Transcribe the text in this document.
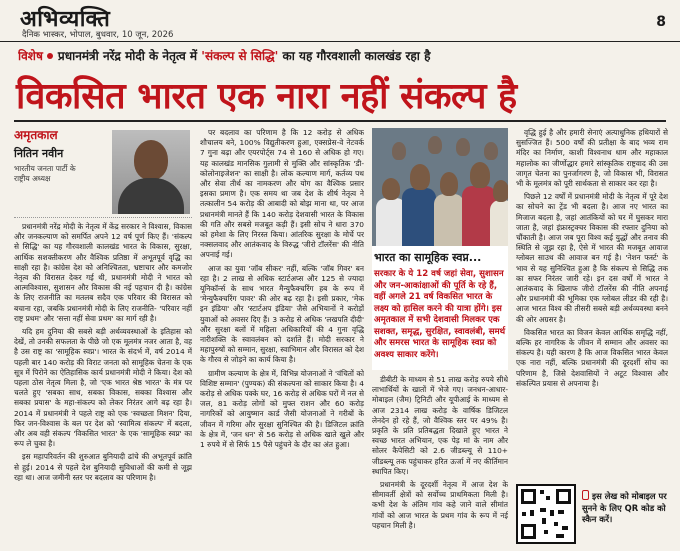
अभिव्यक्ति
दैनिक भास्कर, भोपाल, बुधवार, 10 जून, 2026
8
विशेष प्रधानमंत्री नरेंद्र मोदी के नेतृत्व में 'संकल्प से सिद्धि' का यह गौरवशाली कालखंड रहा है
विकसित भारत एक नारा नहीं संकल्प है
अमृतकाल
नितिन नवीन
भारतीय जनता पार्टी के राष्ट्रीय अध्यक्ष

प्रधानमंत्री नरेंद्र मोदी के नेतृत्व में केंद्र सरकार ने विश्वास, विकास और जनकल्याण को समर्पित अपने 12 वर्ष पूर्ण किए हैं। 'संकल्प से सिद्धि' का यह गौरवशाली कालखंड भारत के विकास, सुरक्षा, आर्थिक सशक्तीकरण और वैश्विक प्रतिष्ठा में अभूतपूर्व वृद्धि का साक्षी रहा है। कांग्रेस देश को अनिश्चितता, भ्रष्टाचार और कमजोर नेतृत्व की विरासत देकर गई थी, प्रधानमंत्री मोदी ने भारत को आत्मविश्वास, सुशासन और विकास की नई पहचान दी है। कांग्रेस के लिए राजनीति का मतलब सदैव एक परिवार की विरासत को बचाना रहा, जबकि प्रधानमंत्री मोदी के लिए राजनीति- 'परिवार नहीं राष्ट्र प्रथम' और 'सत्ता नहीं सेवा प्रथम' का मार्ग रही है।

यदि हम दुनिया की सबसे बड़ी अर्थव्यवस्थाओं के इतिहास को देखें, तो उनकी सफलता के पीछे जो एक मूलमंत्र नजर आता है, वह है उस राष्ट्र का 'सामूहिक स्वप्न'। भारत के संदर्भ में, वर्ष 2014 में पहली बार 140 करोड़ की विराट जनता को सामूहिक चेतना के एक सूत्र में पिरोने का ऐतिहासिक कार्य प्रधानमंत्री मोदी ने किया। देश को पहला ठोस नेतृत्व मिला है, जो 'एक भारत श्रेष्ठ भारत' के मंत्र पर चलते हुए 'सबका साथ, सबका विकास, सबका विश्वास और सबका प्रयास' के महा-संकल्प को लेकर निरंतर आगे बढ़ रहा है। 2014 में प्रधानमंत्री ने पहले राष्ट्र को एक 'स्वच्छता मिशन' दिया, फिर जन-विश्वास के बल पर देश को 'स्वामित्व संकल्प' में बदला, और अब वही संकल्प 'विकसित भारत' के एक 'सामूहिक स्वप्न' का रूप ले चुका है।

इस महापरिवर्तन की शुरुआत बुनियादी ढांचे की अभूतपूर्व क्रांति से हुई। 2014 से पहले देश बुनियादी सुविधाओं की कमी से जूझ रहा था। आज जमीनी स्तर पर बदलाव का परिणाम है।

पर बदलाव का परिणाम है कि 12 करोड़ से अधिक शौचालय बने, 100% विद्युतीकरण हुआ, एक्सप्रेस-वे नेटवर्क 7 गुना बढ़ा और एयरपोर्ट्स 74 से 160 से अधिक हो गए। यह कालखंड मानसिक गुलामी से मुक्ति और सांस्कृतिक 'डी-कोलोनाइजेशन' का साक्षी है। लोक कल्याण मार्ग, कर्तव्य पथ और सेवा तीर्थ का नामकरण और योग का वैश्विक प्रसार इसका प्रमाण है। एक समय था जब देश के शीर्ष नेतृत्व ने तत्कालीन 54 करोड़ की आबादी को बोझ माना था, पर आज प्रधानमंत्री मानते हैं कि 140 करोड़ देशवासी भारत के विकास की गति और सबसे मजबूत कड़ी हैं। इसी सोच ने धारा 370 को हमेशा के लिए निरस्त किया। आंतरिक सुरक्षा के मोर्चे पर नक्सलवाद और आतंकवाद के विरुद्ध 'जीरो टॉलरेंस' की नीति अपनाई गई।

आज का युवा 'जॉब सीकर' नहीं, बल्कि 'जॉब गिवर' बन रहा है। 2 लाख से अधिक स्टार्टअप्स और 125 से ज्यादा यूनिकॉर्न्स के साथ भारत मैन्युफैक्चरिंग हब के रूप में 'मेन्युफैक्चरिंग पावर' की ओर बढ़ रहा है। इसी प्रकार, 'मेक इन इंडिया' और 'स्टार्टअप इंडिया' जैसे अभियानों ने करोड़ों युवाओं को अवसर दिए हैं। 3 करोड़ से अधिक 'लखपति दीदी' और सुरक्षा बलों में महिला अधिकारियों की 4 गुना वृद्धि नारीशक्ति के स्वावलंबन को दर्शाते हैं। मोदी सरकार ने महापुरुषों को सम्मान, सुरक्षा, स्वाभिमान और विरासत को देश के गौरव से जोड़ने का कार्य किया है।

ग्रामीण कल्याण के क्षेत्र में, विभिन्न योजनाओं ने 'वंचितों को विशिष्ट सम्मान' (पुण्यक) की संकल्पना को साकार किया है। 4 करोड़ से अधिक पक्के घर, 16 करोड़ से अधिक घरों में नल से जल, 81 करोड़ लोगों को मुफ्त राशन और 60 करोड़ नागरिकों को आयुष्मान कार्ड जैसी योजनाओं ने गरीबों के जीवन में गरिमा और सुरक्षा सुनिश्चित की है। डिजिटल क्रांति के क्षेत्र में, 'जन धन' से 56 करोड़ से अधिक खाते खुले और 1 रुपये में से सिर्फ 15 पैसे पहुंचने के दौर का अंत हुआ।

भारत का सामूहिक स्वप्न...
सरकार के ये 12 वर्ष जहां सेवा, सुशासन और जन-आकांक्षाओं की पूर्ति के रहे हैं, वहीं अगले 21 वर्ष विकसित भारत के लक्ष्य को हासिल करने की यात्रा होंगे। इस अमृतकाल में सभी देशवासी मिलकर एक सशक्त, समृद्ध, सुरक्षित, स्वावलंबी, समर्थ और समरस भारत के सामूहिक स्वप्न को अवश्य साकार करेंगे।

डीबीटी के माध्यम से 51 लाख करोड़ रुपये सीधे लाभार्थियों के खातों में भेजे गए। जनधन-आधार-मोबाइल (जैम) ट्रिनिटी और यूपीआई के माध्यम से आज 2314 लाख करोड़ के वार्षिक डिजिटल लेनदेन हो रहे हैं, जो वैश्विक स्तर पर 49% है। प्रकृति के प्रति प्रतिबद्धता दिखाते हुए भारत ने स्वच्छ भारत अभियान, एक पेड़ मां के नाम और सोलर कैपेसिटी को 2.6 जीडब्ल्यू से 110+ जीडब्ल्यू तक पहुंचाकर हरित ऊर्जा में नए कीर्तिमान स्थापित किए।

प्रधानमंत्री के दूरदर्शी नेतृत्व में आज देश के सीमावर्ती क्षेत्रों को सर्वोच्च प्राथमिकता मिली है। कभी देश के अंतिम गांव कहे जाने वाले सीमांत गांवों को आज भारत के प्रथम गांव के रूप में नई पहचान मिली है।

वृद्धि हुई है और हमारी सेनाएं अत्याधुनिक हथियारों से सुसज्जित हैं। 500 वर्षों की प्रतीक्षा के बाद भव्य राम मंदिर का निर्माण, काशी विश्वनाथ धाम और महाकाल महालोक का जीर्णोद्धार हमारे सांस्कृतिक राष्ट्रवाद की उस जागृत चेतना का पुनर्जागरण है, जो विकास भी, विरासत भी के मूलमंत्र को पूरी सार्थकता से साकार कर रहा है।

पिछले 12 वर्षों में प्रधानमंत्री मोदी के नेतृत्व में पूरे देश का सोचने का ट्रेंड भी बदला है। आज नए भारत का मिजाज बदला है, जहां आतंकियों को घर में घुसकर मारा जाता है, जहां इंफ्रास्ट्रक्चर विकास की रफ्तार दुनिया को चौंकाती है। आज जब पूरा विश्व कई युद्धों और तनाव की स्थिति से जूझ रहा है, ऐसे में भारत की मजबूत आवाज ग्लोबल साउथ की आवाज बन गई है। 'नेशन फर्स्ट' के भाव से यह सुनिश्चित हुआ है कि संकल्प से सिद्धि तक का सफर निरंतर जारी रहे। इन दस वर्षों में भारत ने आतंकवाद के खिलाफ जीरो टॉलरेंस की नीति अपनाई और प्रधानमंत्री की भूमिका एक ग्लोबल लीडर की रही है। आज भारत विश्व की तीसरी सबसे बड़ी अर्थव्यवस्था बनने की ओर अग्रसर है।

विकसित भारत का विजन केवल आर्थिक समृद्धि नहीं, बल्कि हर नागरिक के जीवन में सम्मान और अवसर का संकल्प है। यही कारण है कि आज विकसित भारत केवल एक नारा नहीं, बल्कि प्रधानमंत्री की दूरदर्शी सोच का परिणाम है, जिसे देशवासियों ने अटूट विश्वास और संकल्पित प्रयास से अपनाया है।

इस लेख को मोबाइल पर सुनने के लिए QR कोड को स्कैन करें।
